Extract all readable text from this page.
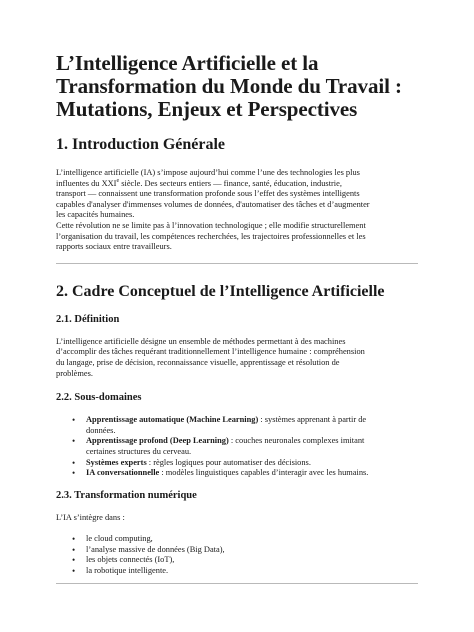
L’Intelligence Artificielle et la
Transformation du Monde du Travail :
Mutations, Enjeux et Perspectives
1. Introduction Générale

L’intelligence artificielle (IA) s’impose aujourd’hui comme l’une des technologies les plus

influentes du XXIe siècle. Des secteurs entiers — finance, santé, éducation, industrie,

transport — connaissent une transformation profonde sous l’effet des systèmes intelligents

capables d'analyser d'immenses volumes de données, d'automatiser des tâches et d’augmenter

les capacités humaines.

Cette révolution ne se limite pas à l’innovation technologique ; elle modifie structurellement

l’organisation du travail, les compétences recherchées, les trajectoires professionnelles et les

rapports sociaux entre travailleurs.

2. Cadre Conceptuel de l’Intelligence Artificielle
2.1. Définition

L’intelligence artificielle désigne un ensemble de méthodes permettant à des machines

d’accomplir des tâches requérant traditionnellement l’intelligence humaine : compréhension

du langage, prise de décision, reconnaissance visuelle, apprentissage et résolution de

problèmes.

2.2. Sous-domaines
• Apprentissage automatique (Machine Learning) : systèmes apprenant à partir de
données.
• Apprentissage profond (Deep Learning) : couches neuronales complexes imitant
certaines structures du cerveau.
• Systèmes experts : règles logiques pour automatiser des décisions.
• IA conversationnelle : modèles linguistiques capables d’interagir avec les humains.
2.3. Transformation numérique

L’IA s’intègre dans :

• le cloud computing,
• l’analyse massive de données (Big Data),
• les objets connectés (IoT),
• la robotique intelligente.
